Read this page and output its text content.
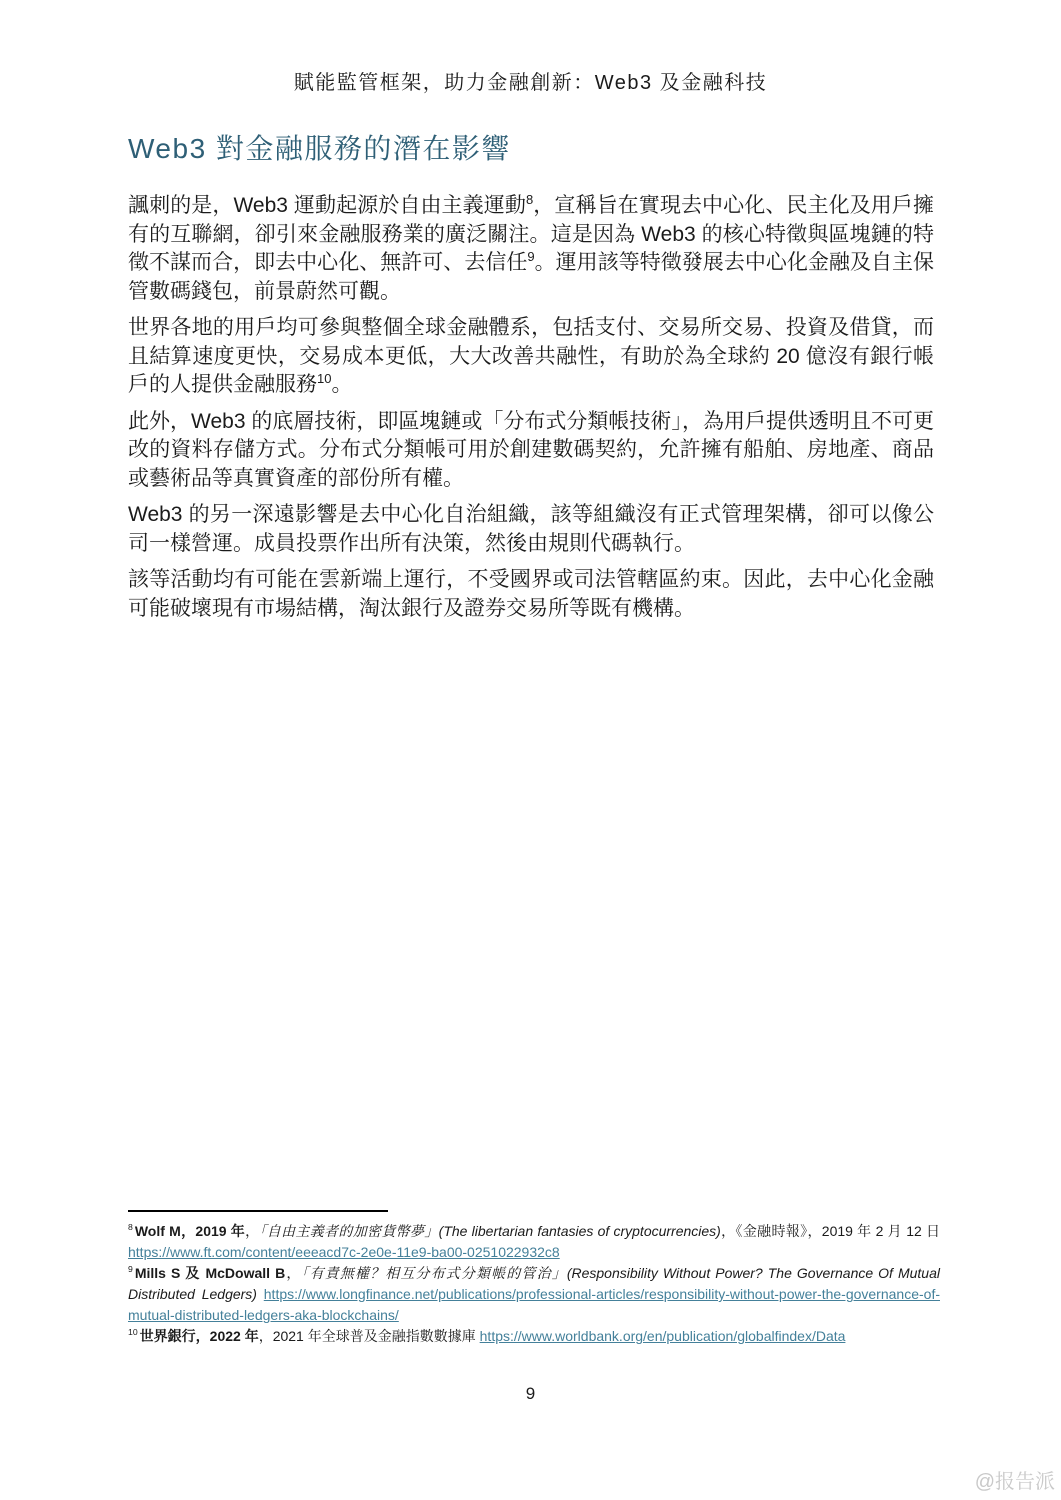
賦能監管框架，助力金融創新：Web3 及金融科技
Web3 對金融服務的潛在影響

諷刺的是，Web3 運動起源於自由主義運動$^8$，宣稱旨在實現去中心化、民主化及用戶擁有的互聯網，卻引來金融服務業的廣泛關注。這是因為 Web3 的核心特徵與區塊鏈的特徵不謀而合，即去中心化、無許可、去信任$^9$。運用該等特徵發展去中心化金融及自主保管數碼錢包，前景蔚然可觀。

世界各地的用戶均可參與整個全球金融體系，包括支付、交易所交易、投資及借貸，而且結算速度更快，交易成本更低，大大改善共融性，有助於為全球約 20 億沒有銀行帳戶的人提供金融服務$^{10}$。

此外，Web3 的底層技術，即區塊鏈或「分布式分類帳技術」，為用戶提供透明且不可更改的資料存儲方式。分布式分類帳可用於創建數碼契約，允許擁有船舶、房地產、商品或藝術品等真實資產的部份所有權。

Web3 的另一深遠影響是去中心化自治組織，該等組織沒有正式管理架構，卻可以像公司一樣營運。成員投票作出所有決策，然後由規則代碼執行。

該等活動均有可能在雲新端上運行，不受國界或司法管轄區約束。因此，去中心化金融可能破壞現有市場結構，淘汰銀行及證券交易所等既有機構。

$^8$ Wolf M，2019 年，「自由主義者的加密貨幣夢」(The libertarian fantasies of cryptocurrencies)，《金融時報》，2019 年 2 月 12 日 https://www.ft.com/content/eeeacd7c-2e0e-11e9-ba00-0251022932c8
$^9$ Mills S 及 McDowall B，「有責無權？相互分布式分類帳的管治」(Responsibility Without Power? The Governance Of Mutual Distributed Ledgers) https://www.longfinance.net/publications/professional-articles/responsibility-without-power-the-governance-of-mutual-distributed-ledgers-aka-blockchains/
$^{10}$ 世界銀行，2022 年，2021 年全球普及金融指數數據庫 https://www.worldbank.org/en/publication/globalfindex/Data
9
@报告派
